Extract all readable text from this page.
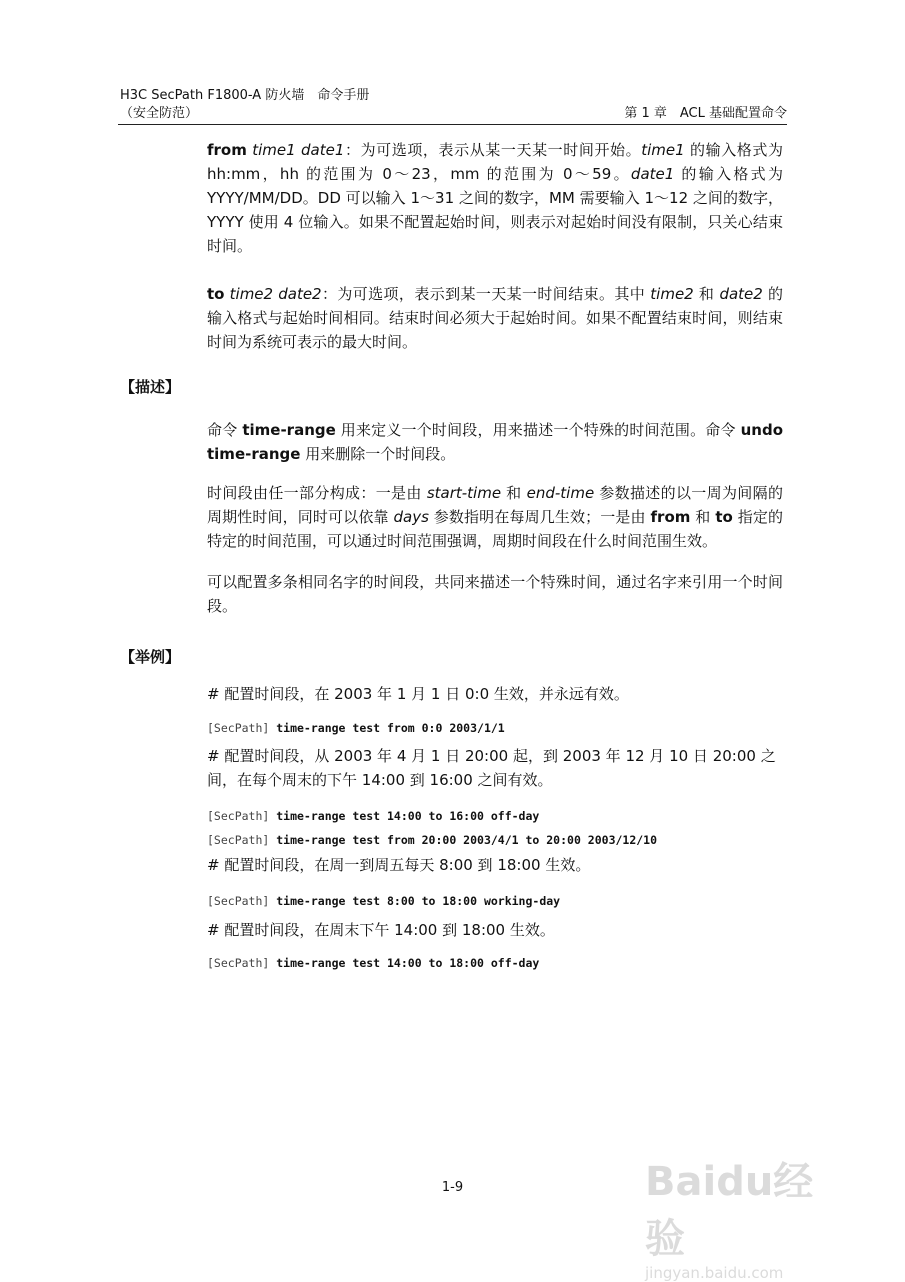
H3C SecPath F1800-A 防火墙　命令手册
（安全防范）	第 1 章　ACL 基础配置命令

from time1 date1：为可选项，表示从某一天某一时间开始。time1 的输入格式为 hh:mm，hh 的范围为 0～23，mm 的范围为 0～59。date1 的输入格式为 YYYY/MM/DD。DD 可以输入 1～31 之间的数字，MM 需要输入 1～12 之间的数字，YYYY 使用 4 位输入。如果不配置起始时间，则表示对起始时间没有限制，只关心结束时间。

to time2 date2：为可选项，表示到某一天某一时间结束。其中 time2 和 date2 的输入格式与起始时间相同。结束时间必须大于起始时间。如果不配置结束时间，则结束时间为系统可表示的最大时间。

【描述】

命令 time-range 用来定义一个时间段，用来描述一个特殊的时间范围。命令 undo time-range 用来删除一个时间段。

时间段由任一部分构成：一是由 start-time 和 end-time 参数描述的以一周为间隔的周期性时间，同时可以依靠 days 参数指明在每周几生效；一是由 from 和 to 指定的特定的时间范围，可以通过时间范围强调，周期时间段在什么时间范围生效。

可以配置多条相同名字的时间段，共同来描述一个特殊时间，通过名字来引用一个时间段。

【举例】
# 配置时间段，在 2003 年 1 月 1 日 0:0 生效，并永远有效。
[SecPath] time-range test from 0:0 2003/1/1
# 配置时间段，从 2003 年 4 月 1 日 20:00 起，到 2003 年 12 月 10 日 20:00 之间，在每个周末的下午 14:00 到 16:00 之间有效。
[SecPath] time-range test 14:00 to 16:00 off-day
[SecPath] time-range test from 20:00 2003/4/1 to 20:00 2003/12/10
# 配置时间段，在周一到周五每天 8:00 到 18:00 生效。
[SecPath] time-range test 8:00 to 18:00 working-day
# 配置时间段，在周末下午 14:00 到 18:00 生效。
[SecPath] time-range test 14:00 to 18:00 off-day
1-9	Baidu经验
jingyan.baidu.com
